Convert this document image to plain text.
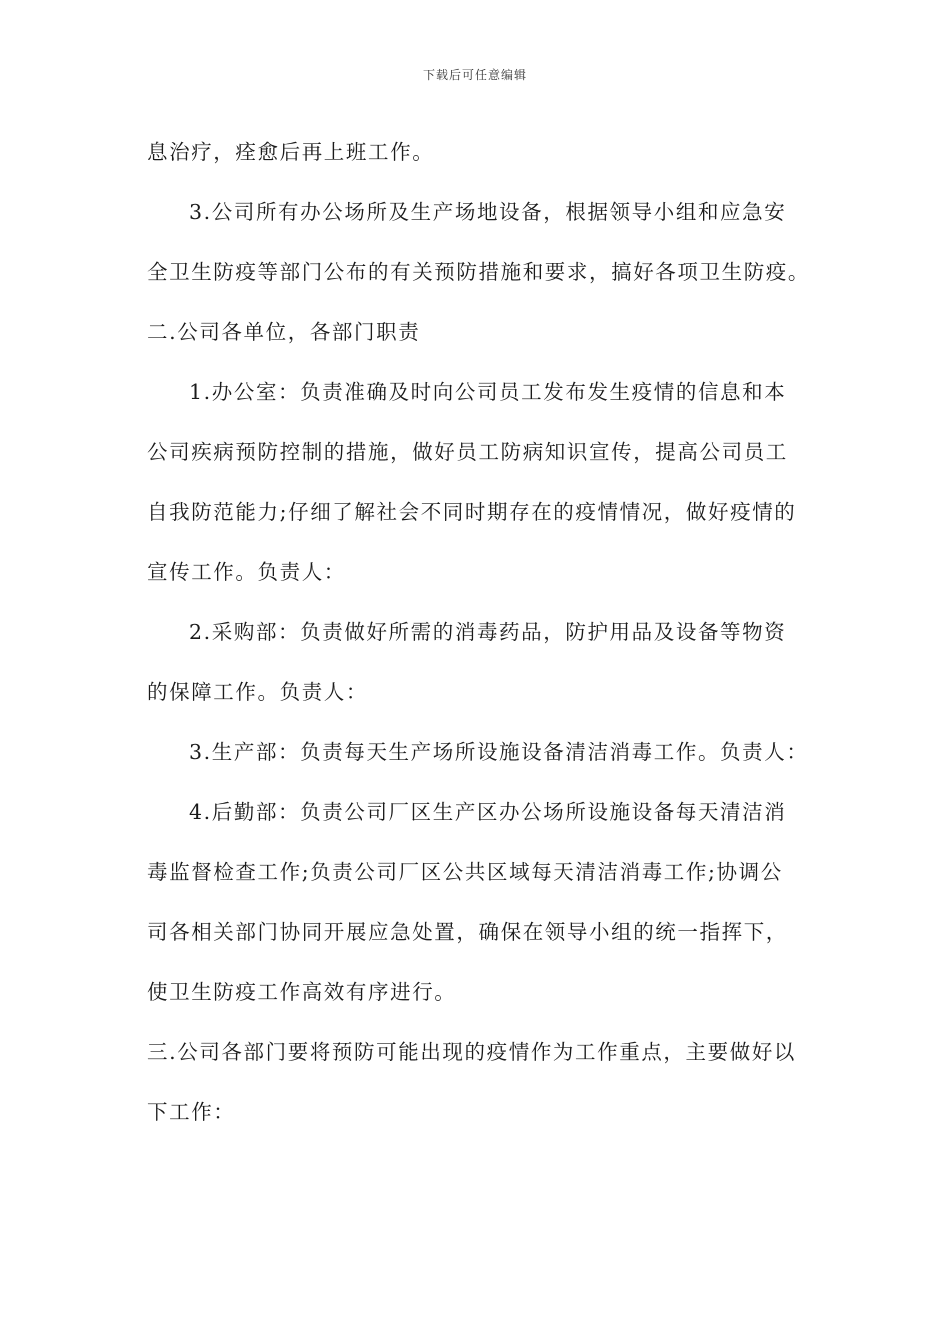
下载后可任意编辑
息治疗，痊愈后再上班工作。
3.公司所有办公场所及生产场地设备，根据领导小组和应急安
全卫生防疫等部门公布的有关预防措施和要求，搞好各项卫生防疫。
二.公司各单位，各部门职责
1.办公室：负责准确及时向公司员工发布发生疫情的信息和本
公司疾病预防控制的措施，做好员工防病知识宣传，提高公司员工
自我防范能力;仔细了解社会不同时期存在的疫情情况，做好疫情的
宣传工作。负责人：
2.采购部：负责做好所需的消毒药品，防护用品及设备等物资
的保障工作。负责人：
3.生产部：负责每天生产场所设施设备清洁消毒工作。负责人：
4.后勤部：负责公司厂区生产区办公场所设施设备每天清洁消
毒监督检查工作;负责公司厂区公共区域每天清洁消毒工作;协调公
司各相关部门协同开展应急处置，确保在领导小组的统一指挥下，
使卫生防疫工作高效有序进行。
三.公司各部门要将预防可能出现的疫情作为工作重点，主要做好以
下工作：
